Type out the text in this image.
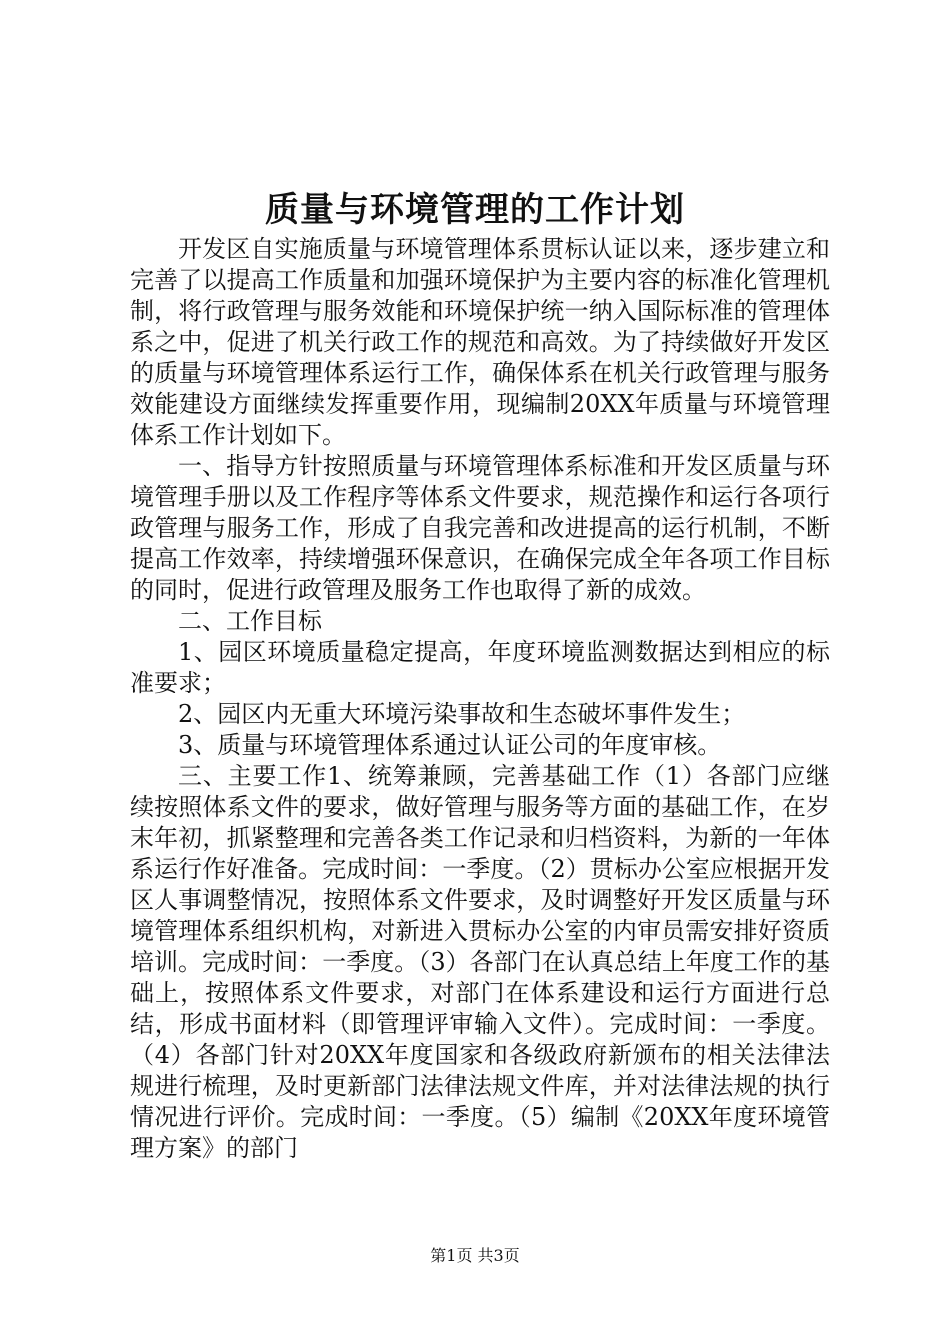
质量与环境管理的工作计划

开发区自实施质量与环境管理体系贯标认证以来，逐步建立和完善了以提高工作质量和加强环境保护为主要内容的标准化管理机制，将行政管理与服务效能和环境保护统一纳入国际标准的管理体系之中，促进了机关行政工作的规范和高效。为了持续做好开发区的质量与环境管理体系运行工作，确保体系在机关行政管理与服务效能建设方面继续发挥重要作用，现编制20XX年质量与环境管理体系工作计划如下。

一、指导方针按照质量与环境管理体系标准和开发区质量与环境管理手册以及工作程序等体系文件要求，规范操作和运行各项行政管理与服务工作，形成了自我完善和改进提高的运行机制，不断提高工作效率，持续增强环保意识，在确保完成全年各项工作目标的同时，促进行政管理及服务工作也取得了新的成效。

二、工作目标

1、园区环境质量稳定提高，年度环境监测数据达到相应的标准要求；

2、园区内无重大环境污染事故和生态破坏事件发生；

3、质量与环境管理体系通过认证公司的年度审核。

三、主要工作1、统筹兼顾，完善基础工作（1）各部门应继续按照体系文件的要求，做好管理与服务等方面的基础工作，在岁末年初，抓紧整理和完善各类工作记录和归档资料，为新的一年体系运行作好准备。完成时间：一季度。（2）贯标办公室应根据开发区人事调整情况，按照体系文件要求，及时调整好开发区质量与环境管理体系组织机构，对新进入贯标办公室的内审员需安排好资质培训。完成时间：一季度。（3）各部门在认真总结上年度工作的基础上，按照体系文件要求，对部门在体系建设和运行方面进行总结，形成书面材料（即管理评审输入文件）。完成时间：一季度。（4）各部门针对20XX年度国家和各级政府新颁布的相关法律法规进行梳理，及时更新部门法律法规文件库，并对法律法规的执行情况进行评价。完成时间：一季度。（5）编制《20XX年度环境管理方案》的部门

第1页 共3页
